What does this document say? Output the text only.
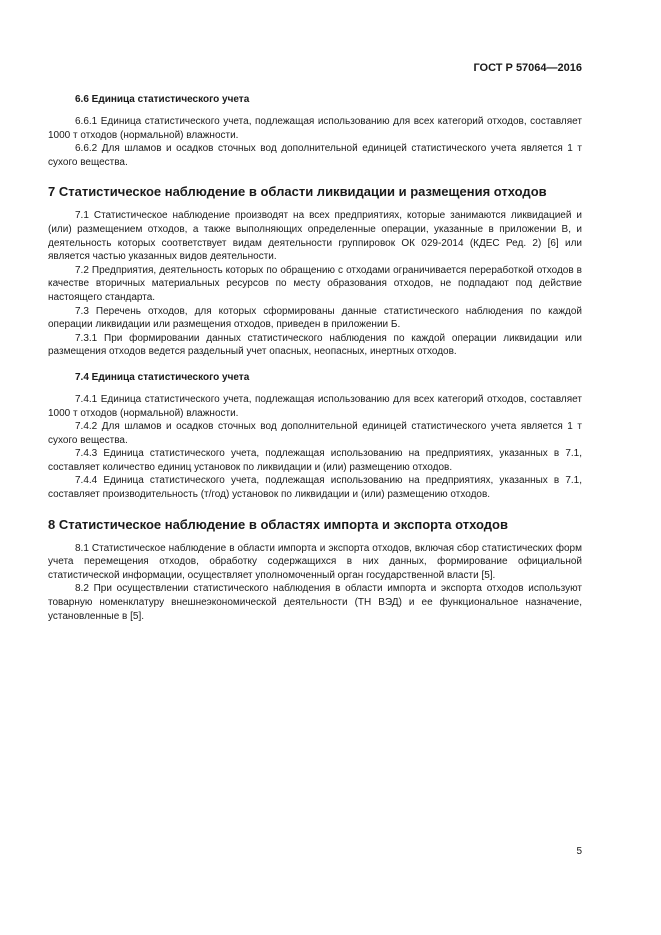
ГОСТ Р 57064—2016
6.6 Единица статистического учета

6.6.1 Единица статистического учета, подлежащая использованию для всех категорий отходов, составляет 1000 т отходов (нормальной) влажности.

6.6.2 Для шламов и осадков сточных вод дополнительной единицей статистического учета является 1 т сухого вещества.

7 Статистическое наблюдение в области ликвидации и размещения отходов

7.1 Статистическое наблюдение производят на всех предприятиях, которые занимаются ликвидацией и (или) размещением отходов, а также выполняющих определенные операции, указанные в приложении В, и деятельность которых соответствует видам деятельности группировок ОК 029-2014 (КДЕС Ред. 2) [6] или является частью указанных видов деятельности.

7.2 Предприятия, деятельность которых по обращению с отходами ограничивается переработкой отходов в качестве вторичных материальных ресурсов по месту образования отходов, не подпадают под действие настоящего стандарта.

7.3 Перечень отходов, для которых сформированы данные статистического наблюдения по каждой операции ликвидации или размещения отходов, приведен в приложении Б.

7.3.1 При формировании данных статистического наблюдения по каждой операции ликвидации или размещения отходов ведется раздельный учет опасных, неопасных, инертных отходов.

7.4 Единица статистического учета

7.4.1 Единица статистического учета, подлежащая использованию для всех категорий отходов, составляет 1000 т отходов (нормальной) влажности.

7.4.2 Для шламов и осадков сточных вод дополнительной единицей статистического учета является 1 т сухого вещества.

7.4.3 Единица статистического учета, подлежащая использованию на предприятиях, указанных в 7.1, составляет количество единиц установок по ликвидации и (или) размещению отходов.

7.4.4 Единица статистического учета, подлежащая использованию на предприятиях, указанных в 7.1, составляет производительность (т/год) установок по ликвидации и (или) размещению отходов.

8 Статистическое наблюдение в областях импорта и экспорта отходов

8.1 Статистическое наблюдение в области импорта и экспорта отходов, включая сбор статистических форм учета перемещения отходов, обработку содержащихся в них данных, формирование официальной статистической информации, осуществляет уполномоченный орган государственной власти [5].

8.2 При осуществлении статистического наблюдения в области импорта и экспорта отходов используют товарную номенклатуру внешнеэкономической деятельности (ТН ВЭД) и ее функциональное назначение, установленные в [5].

5
